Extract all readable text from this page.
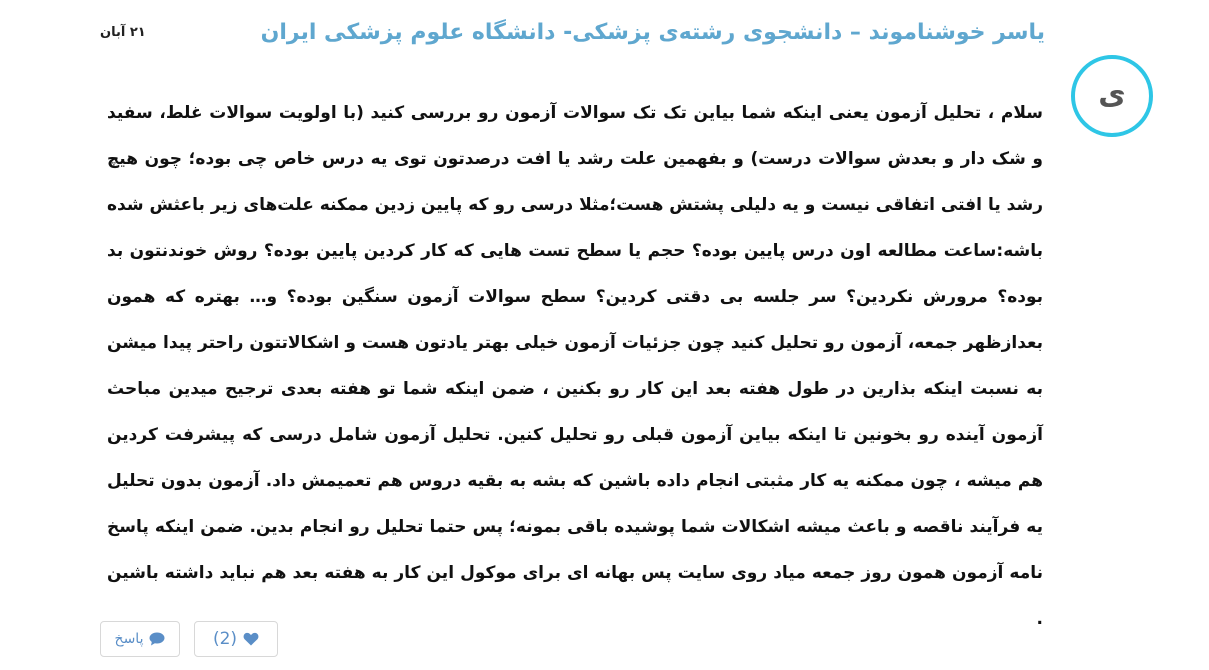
یاسر خوشناموند – دانشجوی رشته‌ی پزشکی- دانشگاه علوم پزشکی ایران
۲۱ آبان
ی

سلام ، تحلیل آزمون یعنی اینکه شما بیاین تک تک سوالات آزمون رو بررسی کنید (با اولویت سوالات غلط، سفید و شک دار و بعدش سوالات درست) و بفهمین علت رشد یا افت درصدتون توی یه درس خاص چی بوده؛ چون هیچ رشد یا افتی اتفاقی نیست و یه دلیلی پشتش هست؛مثلا درسی رو که پایین زدین ممکنه علت‌های زیر باعثش شده باشه:ساعت مطالعه اون درس پایین بوده؟ حجم یا سطح تست هایی که کار کردین پایین بوده؟ روش خوندنتون بد بوده؟ مرورش نکردین؟ سر جلسه بی دقتی کردین؟ سطح سوالات آزمون سنگین بوده؟ و… بهتره که همون بعدازظهر جمعه، آزمون رو تحلیل کنید چون جزئیات آزمون خیلی بهتر یادتون هست و اشکالاتتون راحتر پیدا میشن به نسبت اینکه بذارین در طول هفته بعد این کار رو بکنین ، ضمن اینکه شما تو هفته بعدی ترجیح میدین مباحث آزمون آینده رو بخونین تا اینکه بیاین آزمون قبلی رو تحلیل کنین. تحلیل آزمون شامل درسی که پیشرفت کردین هم میشه ، چون ممکنه یه کار مثبتی انجام داده باشین که بشه به بقیه دروس هم تعمیمش داد. آزمون بدون تحلیل یه فرآیند ناقصه و باعث میشه اشکالات شما پوشیده باقی بمونه؛ پس حتما تحلیل رو انجام بدین. ضمن اینکه پاسخ نامه آزمون همون روز جمعه میاد روی سایت پس بهانه ای برای موکول این کار به هفته بعد هم نباید داشته باشین .

پاسخ	(2)
